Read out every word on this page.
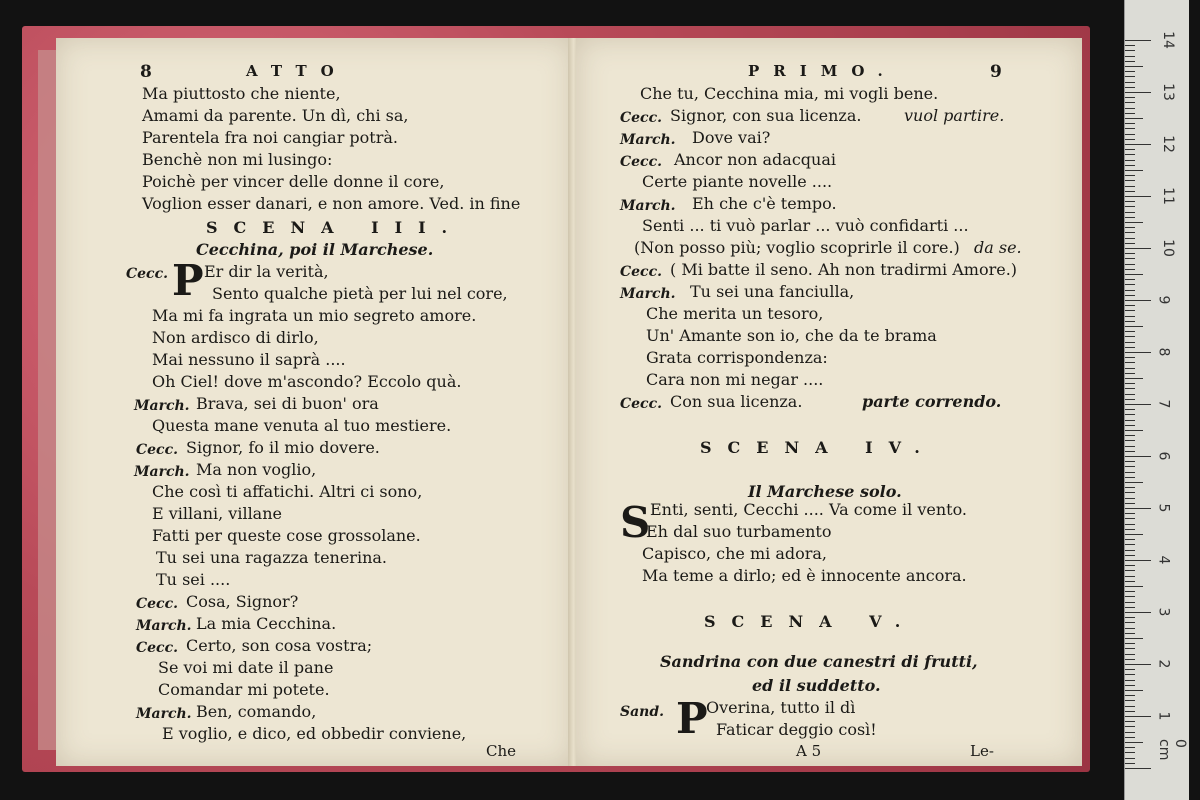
8	ATTO
Ma piuttosto che niente,
Amami da parente. Un dì, chi sa,
Parentela fra noi cangiar potrà.
Benchè non mi lusingo:
Poichè per vincer delle donne il core,
Voglion esser danari, e non amore. Ved. in fine
SCENA III.
Cecchina, poi il Marchese.
P
Cecc. Er dir la verità,
Sento qualche pietà per lui nel core,
Ma mi fa ingrata un mio segreto amore.
Non ardisco di dirlo,
Mai nessuno il saprà ....
Oh Ciel! dove m'ascondo? Eccolo quà.
March. Brava, sei di buon' ora
Questa mane venuta al tuo mestiere.
Cecc. Signor, fo il mio dovere.
March. Ma non voglio,
Che così ti affatichi. Altri ci sono,
E villani, villane
Fatti per queste cose grossolane.
Tu sei una ragazza tenerina.
Tu sei ....
Cecc. Cosa, Signor?
March. La mia Cecchina.
Cecc. Certo, son cosa vostra;
Se voi mi date il pane
Comandar mi potete.
March. Ben, comando,
E voglio, e dico, ed obbedir conviene,
Che
PRIMO.	9
Che tu, Cecchina mia, mi vogli bene.
Cecc. Signor, con sua licenza.	vuol partire.
March. Dove vai?
Cecc. Ancor non adacquai
Certe piante novelle ....
March. Eh che c'è tempo.
Senti ... ti vuò parlar ... vuò confidarti ...
(Non posso più; voglio scoprirle il core.) da se.
Cecc. ( Mi batte il seno. Ah non tradirmi Amore.)
March. Tu sei una fanciulla,
Che merita un tesoro,
Un' Amante son io, che da te brama
Grata corrispondenza:
Cara non mi negar ....
Cecc. Con sua licenza.	parte correndo.
SCENA IV.
Il Marchese solo.
S Enti, senti, Cecchi .... Va come il vento.
Eh dal suo turbamento
Capisco, che mi adora,
Ma teme a dirlo; ed è innocente ancora.
SCENA V.
Sandrina con due canestri di frutti,
ed il suddetto.
Sand. P
Overina, tutto il dì
Faticar deggio così!
A 5	Le-
14
13
12
11
10
9
8
7
6
5
4
3
2
1
0 cm
